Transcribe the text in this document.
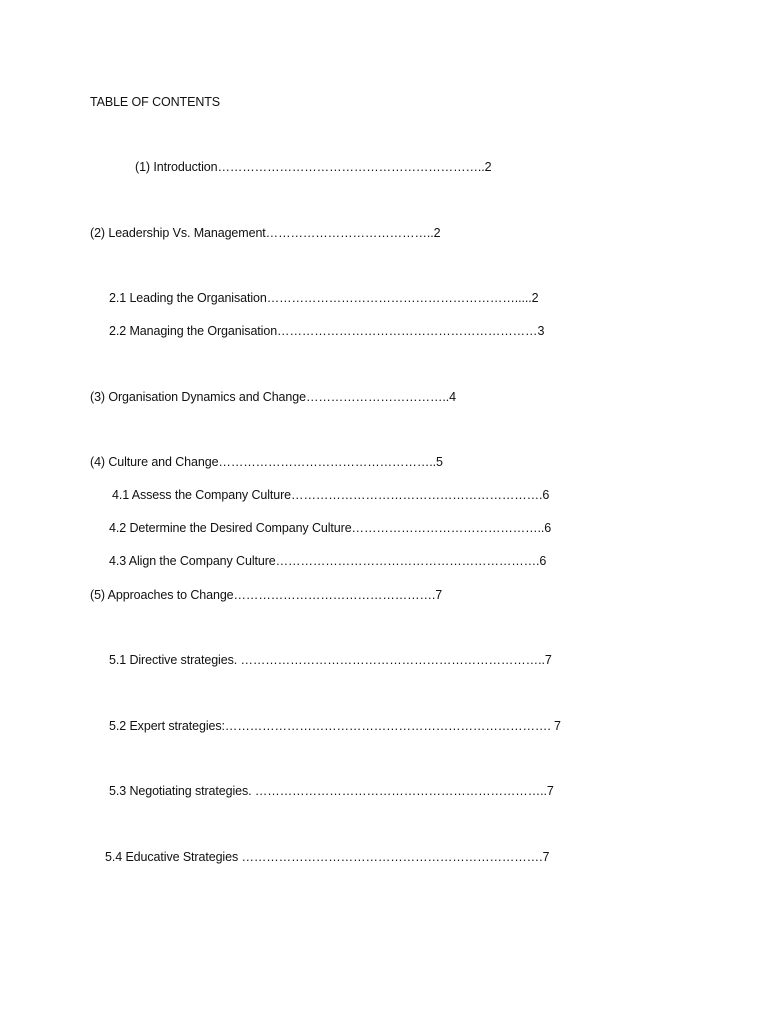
TABLE OF CONTENTS
(1) Introduction………………………………………………………..2
(2) Leadership Vs. Management…………………………………..2
2.1 Leading the Organisation…………………………………………………….....2
2.2 Managing the Organisation………………………………………………………3
(3) Organisation Dynamics and Change……………………………..4
(4) Culture and Change……………………………………………..5
4.1 Assess the Company Culture…………………………………………………….6
4.2 Determine the Desired Company Culture………………………………………..6
4.3 Align the Company Culture……………………………………………………….6
(5) Approaches to Change………………………………………….7
5.1 Directive strategies. ………………………………………………………………..7
5.2 Expert strategies:……………………………………………………………………. 7
5.3 Negotiating strategies. ……………………………………………………………..7
5.4 Educative Strategies ……………………………………………………………….7
